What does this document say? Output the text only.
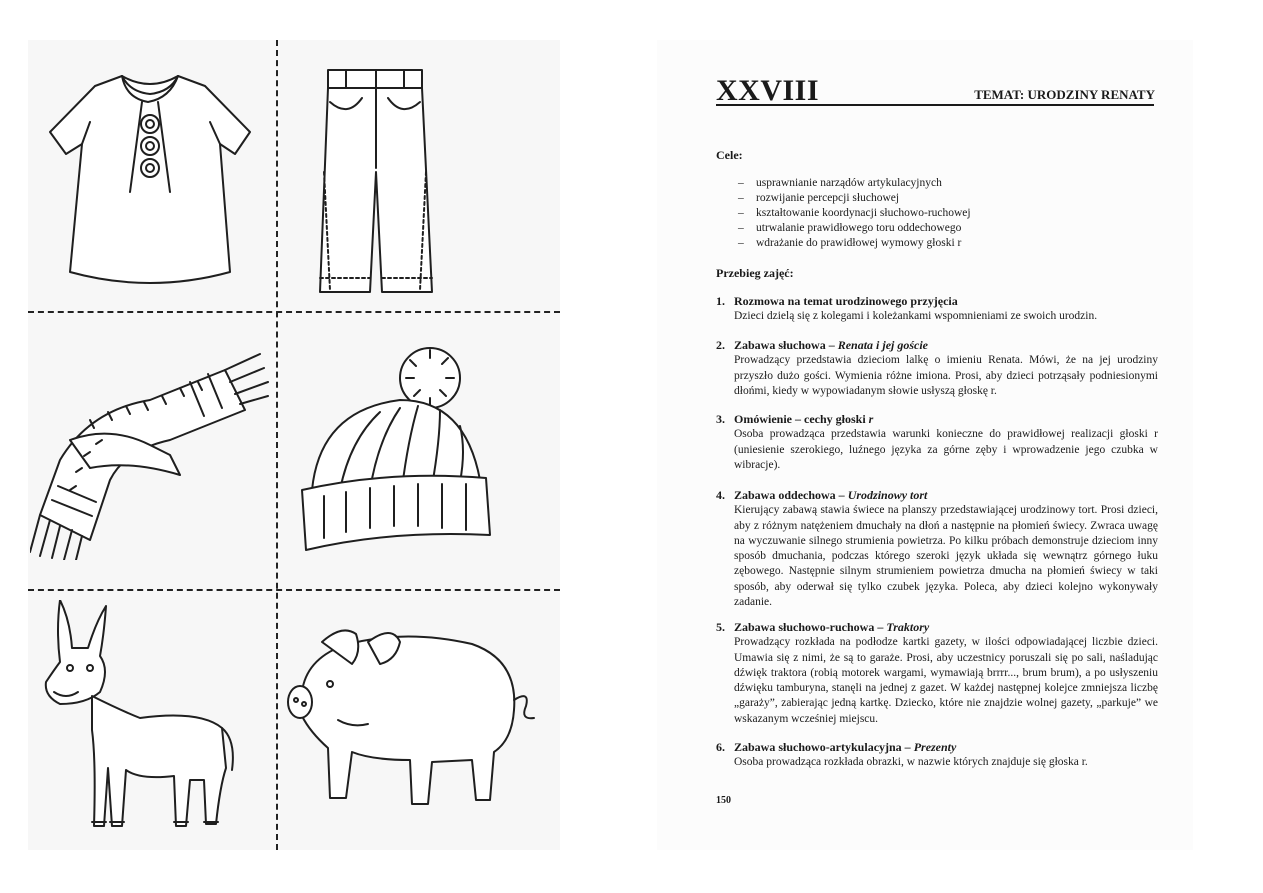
XXVIII	TEMAT: URODZINY RENATY
Cele:
– usprawnianie narządów artykulacyjnych
– rozwijanie percepcji słuchowej
– kształtowanie koordynacji słuchowo-ruchowej
– utrwalanie prawidłowego toru oddechowego
– wdrażanie do prawidłowej wymowy głoski r
Przebieg zajęć:
1. Rozmowa na temat urodzinowego przyjęcia
Dzieci dzielą się z kolegami i koleżankami wspomnieniami ze swoich urodzin.
2. Zabawa słuchowa – Renata i jej goście
Prowadzący przedstawia dzieciom lalkę o imieniu Renata. Mówi, że na jej urodziny przyszło dużo gości. Wymienia różne imiona. Prosi, aby dzieci potrząsały podniesionymi dłońmi, kiedy w wypowiadanym słowie usłyszą głoskę r.
3. Omówienie – cechy głoski r
Osoba prowadząca przedstawia warunki konieczne do prawidłowej realizacji głoski r (uniesienie szerokiego, luźnego języka za górne zęby i wprowadzenie jego czubka w wibracje).
4. Zabawa oddechowa – Urodzinowy tort
Kierujący zabawą stawia świece na planszy przedstawiającej urodzinowy tort. Prosi dzieci, aby z różnym natężeniem dmuchały na dłoń a następnie na płomień świecy. Zwraca uwagę na wyczuwanie silnego strumienia powietrza. Po kilku próbach demonstruje dzieciom inny sposób dmuchania, podczas którego szeroki język układa się wewnątrz górnego łuku zębowego. Następnie silnym strumieniem powietrza dmucha na płomień świecy w taki sposób, aby oderwał się tylko czubek języka. Poleca, aby dzieci kolejno wykonywały zadanie.
5. Zabawa słuchowo-ruchowa – Traktory
Prowadzący rozkłada na podłodze kartki gazety, w ilości odpowiadającej liczbie dzieci. Umawia się z nimi, że są to garaże. Prosi, aby uczestnicy poruszali się po sali, naśladując dźwięk traktora (robią motorek wargami, wymawiają brrrr..., brum brum), a po usłyszeniu dźwięku tamburyna, stanęli na jednej z gazet. W każdej następnej kolejce zmniejsza liczbę „garaży”, zabierając jedną kartkę. Dziecko, które nie znajdzie wolnej gazety, „parkuje” we wskazanym wcześniej miejscu.
6. Zabawa słuchowo-artykulacyjna – Prezenty
Osoba prowadząca rozkłada obrazki, w nazwie których znajduje się głoska r.
150
